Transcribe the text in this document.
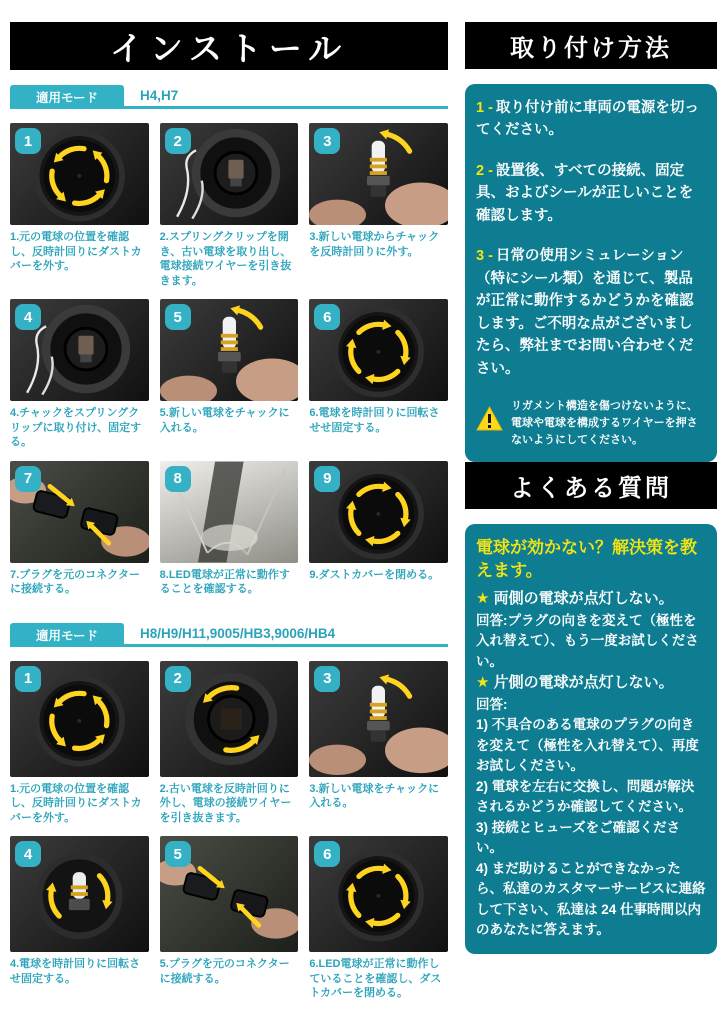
インストール
適用モード	H4,H7
1
1.元の電球の位置を確認し、反時計回りにダストカバーを外す。
2
2.スプリングクリップを開き、古い電球を取り出し、電球接続ワイヤーを引き抜きます。
3
3.新しい電球からチャックを反時計回りに外す。
4
4.チャックをスプリングクリップに取り付け、固定する。
5
5.新しい電球をチャックに入れる。
6
6.電球を時計回りに回転させせ固定する。
7
7.プラグを元のコネクターに接続する。
8
8.LED電球が正常に動作することを確認する。
9
9.ダストカバーを閉める。
適用モード	H8/H9/H11,9005/HB3,9006/HB4
1
1.元の電球の位置を確認し、反時計回りにダストカバーを外す。
2
2.古い電球を反時計回りに外し、電球の接続ワイヤーを引き抜きます。
3
3.新しい電球をチャックに入れる。
4
4.電球を時計回りに回転させ固定する。
5
5.プラグを元のコネクターに接続する。
6
6.LED電球が正常に動作していることを確認し、ダストカバーを閉める。
取り付け方法
1 - 取り付け前に車両の電源を切ってください。
2 - 設置後、すべての接続、固定具、およびシールが正しいことを確認します。
3 - 日常の使用シミュレーション（特にシール類）を通じて、製品が正常に動作するかどうかを確認します。ご不明な点がございましたら、弊社までお問い合わせください。
リガメント構造を傷つけないように、電球や電球を構成するワイヤーを押さないようにしてください。
よくある質問
電球が効かない？解決策を教えます。
★ 両側の電球が点灯しない。
回答:プラグの向きを変えて（極性を入れ替えて）、もう一度お試しください。
★ 片側の電球が点灯しない。
回答:
1) 不具合のある電球のプラグの向きを変えて（極性を入れ替えて）、再度お試しください。
2) 電球を左右に交換し、問題が解決されるかどうか確認してください。
3) 接続とヒューズをご確認ください。
4) まだ助けることができなかったら、私達のカスタマーサービスに連絡して下さい、私達は 24 仕事時間以内のあなたに答えます。
